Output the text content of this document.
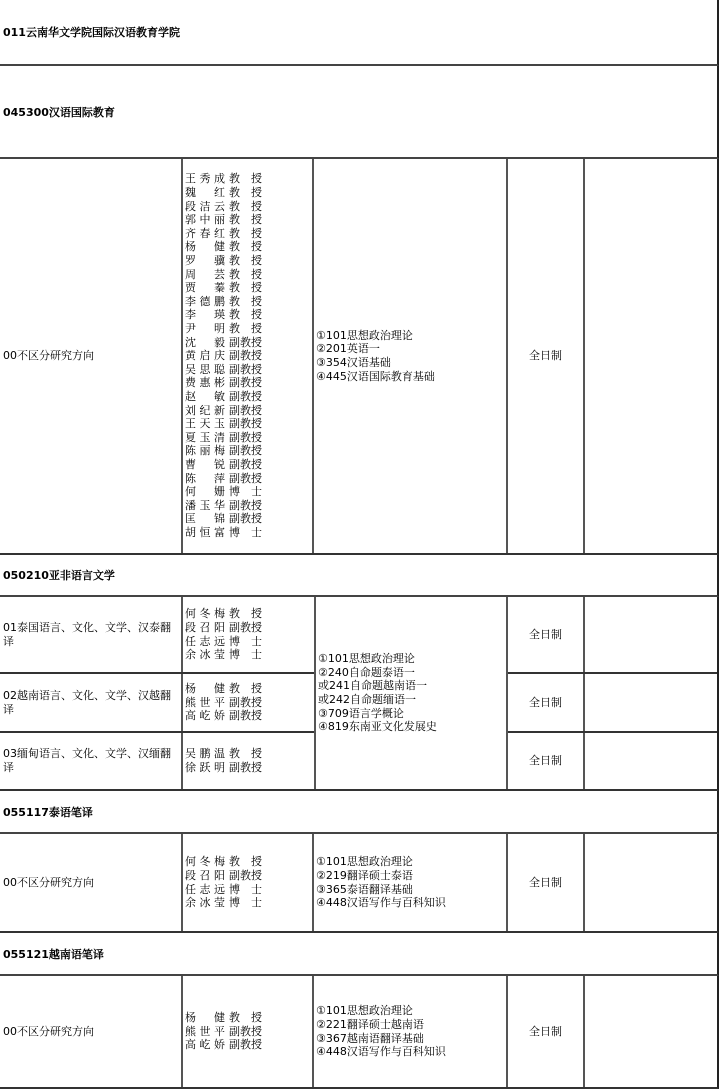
011云南华文学院国际汉语教育学院
045300汉语国际教育
00不区分研究方向
王秀成 教授
魏红 教授
段洁云 教授
郭中丽 教授
齐春红 教授
杨健 教授
罗骥 教授
周芸 教授
贾蓁 教授
李德鹏 教授
李瑛 教授
尹明 教授
沈毅 副教授
黄启庆 副教授
吴思聪 副教授
费惠彬 副教授
赵敏 副教授
刘纪新 副教授
王天玉 副教授
夏玉清 副教授
陈丽梅 副教授
曹锐 副教授
陈萍 副教授
何姗 博士
潘玉华 副教授
匡锦 副教授
胡恒富 博士
①101思想政治理论
②201英语一
③354汉语基础
④445汉语国际教育基础
全日制
050210亚非语言文学
01泰国语言、文化、文学、汉泰翻译
何冬梅 教授
段召阳 副教授
任志远 博士
余冰莹 博士
02越南语言、文化、文学、汉越翻译
杨健 教授
熊世平 副教授
高屹娇 副教授
03缅甸语言、文化、文学、汉缅翻译
吴鹏温 教授
徐跃明 副教授
①101思想政治理论
②240自命题泰语一
或241自命题越南语一
或242自命题缅语一
③709语言学概论
④819东南亚文化发展史
全日制
全日制
全日制
055117泰语笔译
00不区分研究方向
何冬梅 教授
段召阳 副教授
任志远 博士
余冰莹 博士
①101思想政治理论
②219翻译硕士泰语
③365泰语翻译基础
④448汉语写作与百科知识
全日制
055121越南语笔译
00不区分研究方向
杨健 教授
熊世平 副教授
高屹娇 副教授
①101思想政治理论
②221翻译硕士越南语
③367越南语翻译基础
④448汉语写作与百科知识
全日制
